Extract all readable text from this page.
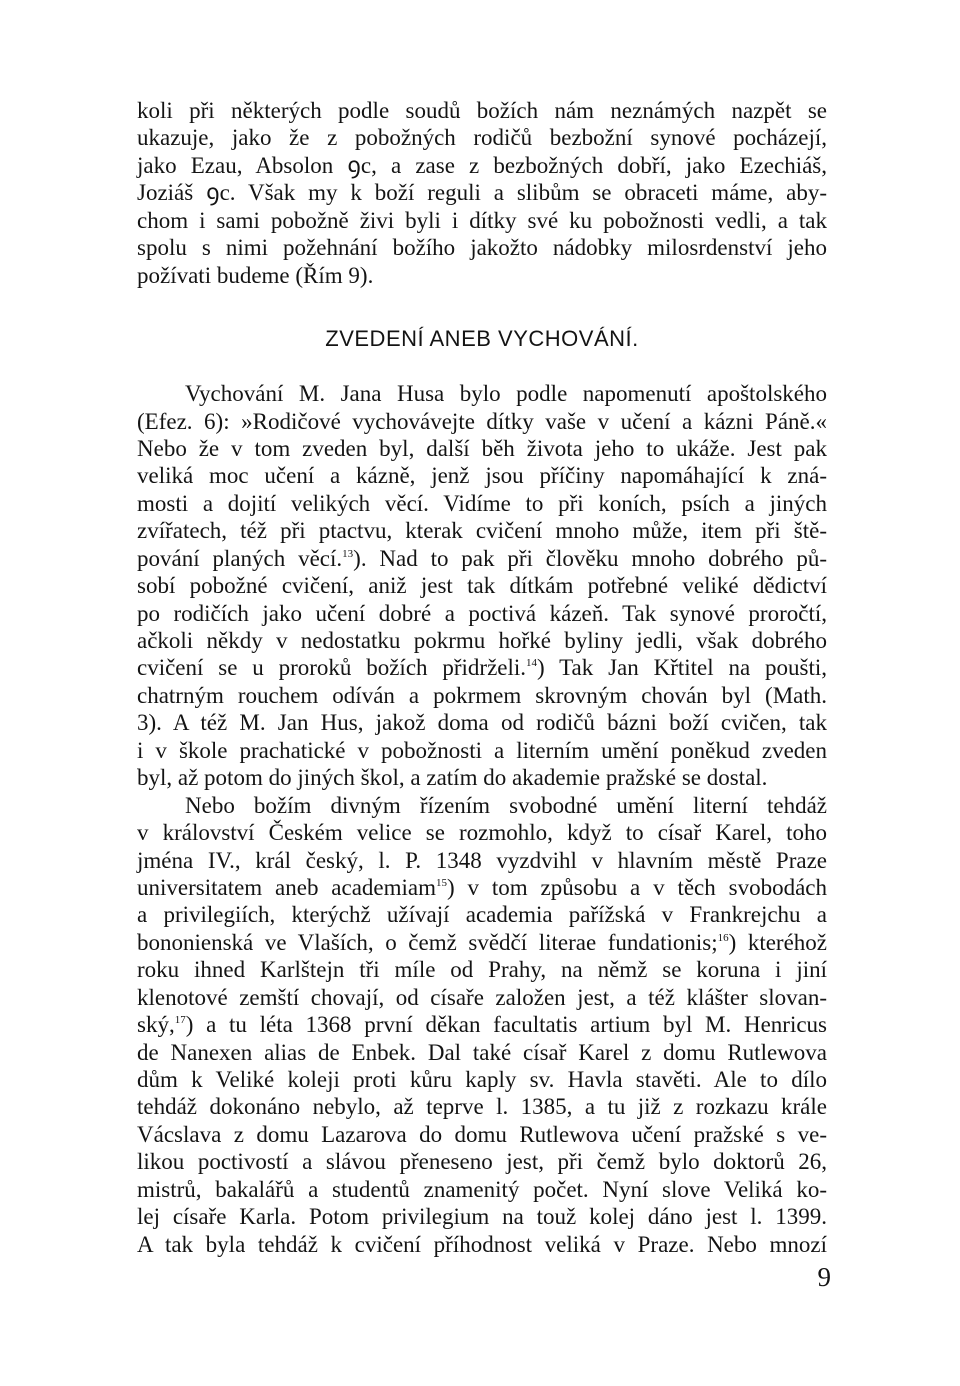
koli při některých podle soudů božích nám neznámých nazpět se
ukazuje, jako že z pobožných rodičů bezbožní synové pocházejí,
jako Ezau, Absolon ꝯc, a zase z bezbožných dobří, jako Ezechiáš,
Joziáš ꝯc. Však my k boží reguli a slibům se obraceti máme, aby-
chom i sami pobožně živi byli i dítky své ku pobožnosti vedli, a tak
spolu s nimi požehnání božího jakožto nádobky milosrdenství jeho
požívati budeme (Řím 9).
ZVEDENÍ ANEB VYCHOVÁNÍ.
Vychování M. Jana Husa bylo podle napomenutí apoštolského
(Efez. 6): »Rodičové vychovávejte dítky vaše v učení a kázni Páně.«
Nebo že v tom zveden byl, další běh života jeho to ukáže. Jest pak
veliká moc učení a kázně, jenž jsou příčiny napomáhající k zná-
mosti a dojití velikých věcí. Vidíme to při koních, psích a jiných
zvířatech, též při ptactvu, kterak cvičení mnoho může, item při ště-
pování planých věcí.$^{13}$). Nad to pak při člověku mnoho dobrého pů-
sobí pobožné cvičení, aniž jest tak dítkám potřebné veliké dědictví
po rodičích jako učení dobré a poctivá kázeň. Tak synové proročtí,
ačkoli někdy v nedostatku pokrmu hořké byliny jedli, však dobrého
cvičení se u proroků božích přidrželi.$^{14}$) Tak Jan Křtitel na poušti,
chatrným rouchem odíván a pokrmem skrovným chován byl (Math.
3). A též M. Jan Hus, jakož doma od rodičů bázni boží cvičen, tak
i v škole prachatické v pobožnosti a literním umění poněkud zveden
byl, až potom do jiných škol, a zatím do akademie pražské se dostal.
Nebo božím divným řízením svobodné umění literní tehdáž
v království Českém velice se rozmohlo, když to císař Karel, toho
jména IV., král český, l. P. 1348 vyzdvihl v hlavním městě Praze
universitatem aneb academiam$^{15}$) v tom způsobu a v těch svobodách
a privilegiích, kterýchž užívají academia pařížská v Frankrejchu a
bononienská ve Vlaších, o čemž svědčí literae fundationis;$^{16}$) kteréhož
roku ihned Karlštejn tři míle od Prahy, na němž se koruna i jiní
klenotové zemští chovají, od císaře založen jest, a též klášter slovan-
ský,$^{17}$) a tu léta 1368 první děkan facultatis artium byl M. Henricus
de Nanexen alias de Enbek. Dal také císař Karel z domu Rutlewova
dům k Veliké koleji proti kůru kaply sv. Havla stavěti. Ale to dílo
tehdáž dokonáno nebylo, až teprve l. 1385, a tu již z rozkazu krále
Vácslava z domu Lazarova do domu Rutlewova učení pražské s ve-
likou poctivostí a slávou přeneseno jest, při čemž bylo doktorů 26,
mistrů, bakalářů a studentů znamenitý počet. Nyní slove Veliká ko-
lej císaře Karla. Potom privilegium na touž kolej dáno jest l. 1399.
A tak byla tehdáž k cvičení příhodnost veliká v Praze. Nebo mnozí
9
